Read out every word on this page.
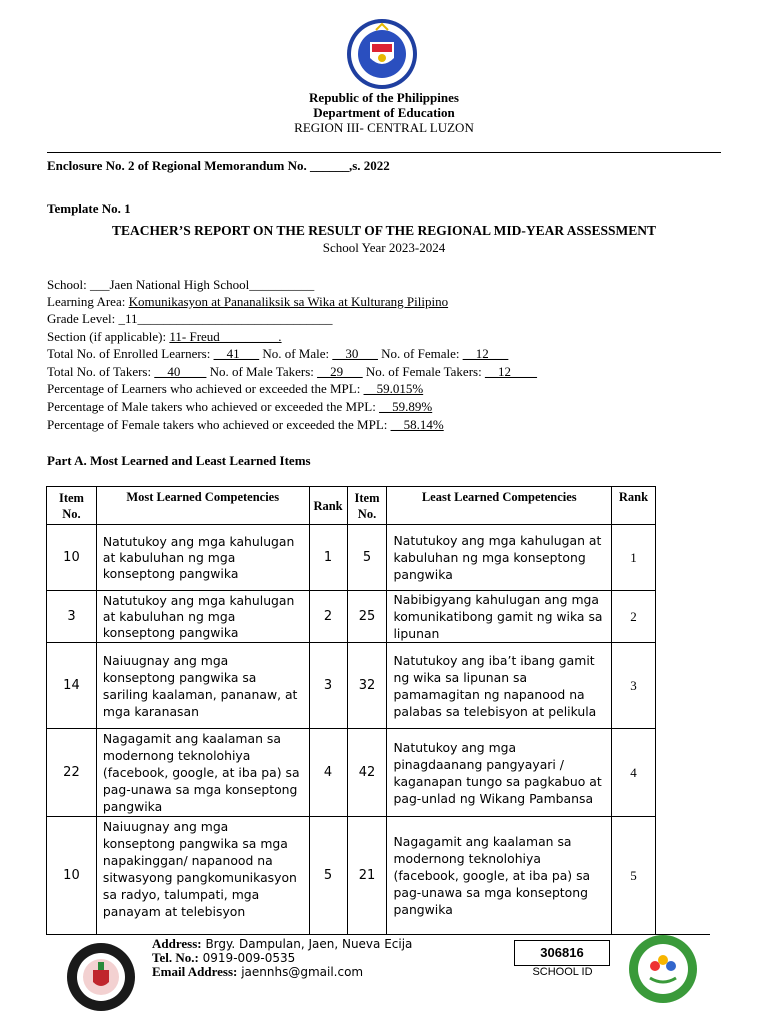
Republic of the Philippines
Department of Education
REGION III- CENTRAL LUZON
Enclosure No. 2 of Regional Memorandum No. ______,s. 2022
Template No. 1
TEACHER’S REPORT ON THE RESULT OF THE REGIONAL MID-YEAR ASSESSMENT
School Year 2023-2024
School: ___Jaen National High School__________
Learning Area: Komunikasyon at Pananaliksik sa Wika at Kulturang Pilipino
Grade Level: _11______________________________
Section (if applicable): 11- Freud_________.
Total No. of Enrolled Learners: __41___ No. of Male: __30___ No. of Female: __12___
Total No. of Takers: __40____ No. of Male Takers: __29___ No. of Female Takers: __12____
Percentage of Learners who achieved or exceeded the MPL: __59.015%
Percentage of Male takers who achieved or exceeded the MPL: __59.89%
Percentage of Female takers who achieved or exceeded the MPL: __58.14%
Part A. Most Learned and Least Learned Items
Item No.	Most Learned Competencies	Rank	Item No.	Least Learned Competencies	Rank
10	Natutukoy ang mga kahulugan at kabuluhan ng mga konseptong pangwika	1	5	Natutukoy ang mga kahulugan at kabuluhan ng mga konseptong pangwika	1
3	Natutukoy ang mga kahulugan at kabuluhan ng mga konseptong pangwika	2	25	Nabibigyang kahulugan ang mga komunikatibong gamit ng wika sa lipunan	2
14	Naiuugnay ang mga konseptong pangwika sa sariling kaalaman, pananaw, at mga karanasan	3	32	Natutukoy ang iba’t ibang gamit ng wika sa lipunan sa pamamagitan ng napanood na palabas sa telebisyon at pelikula	3
22	Nagagamit ang kaalaman sa modernong teknolohiya (facebook, google, at iba pa) sa pag-unawa sa mga konseptong pangwika	4	42	Natutukoy ang mga pinagdaanang pangyayari / kaganapan tungo sa pagkabuo at pag-unlad ng Wikang Pambansa	4
10	Naiuugnay ang mga konseptong pangwika sa mga napakinggan/ napanood na sitwasyong pangkomunikasyon sa radyo, talumpati, mga panayam at telebisyon	5	21	Nagagamit ang kaalaman sa modernong teknolohiya (facebook, google, at iba pa) sa pag-unawa sa mga konseptong pangwika	5
Address: Brgy. Dampulan, Jaen, Nueva Ecija
Tel. No.: 0919-009-0535
Email Address: jaennhs@gmail.com
306816
SCHOOL ID
